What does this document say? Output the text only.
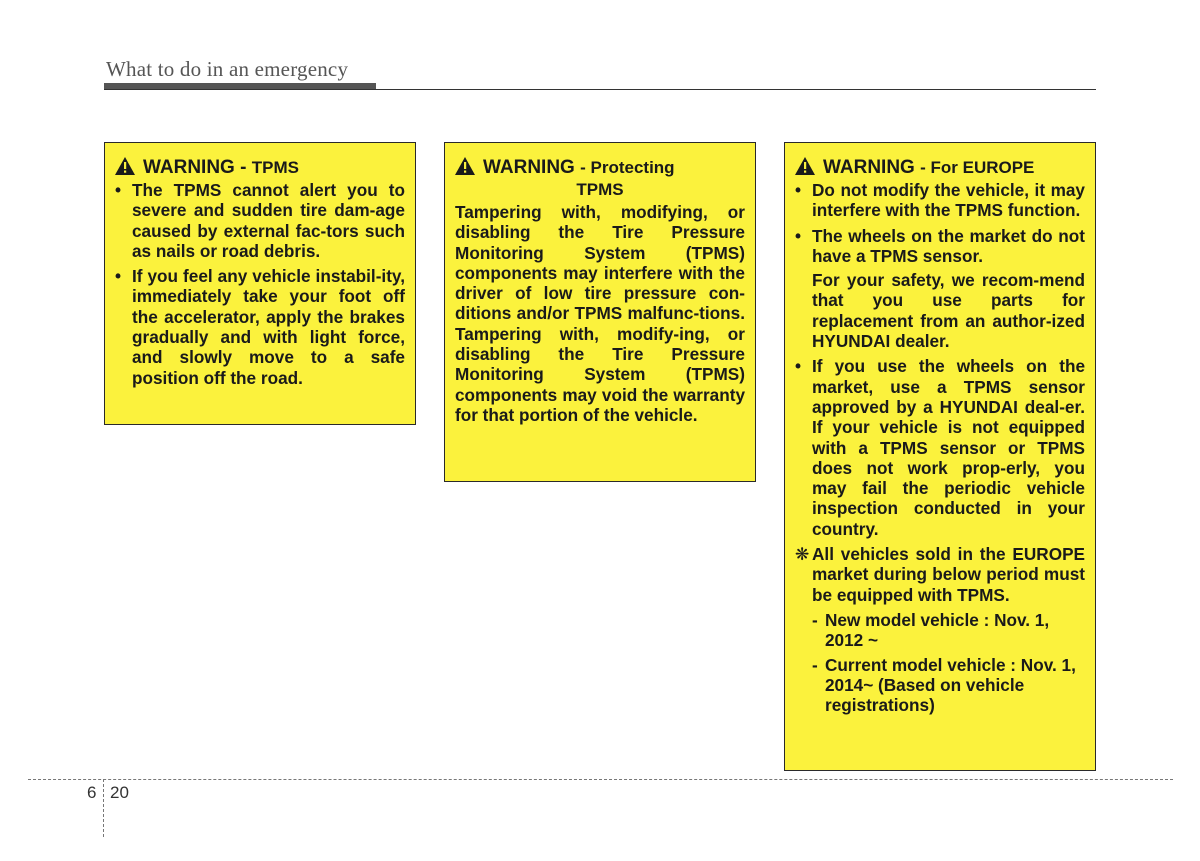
What to do in an emergency
WARNING - TPMS
• The TPMS cannot alert you to severe and sudden tire dam-age caused by external fac-tors such as nails or road debris.
• If you feel any vehicle instabil-ity, immediately take your foot off the accelerator, apply the brakes gradually and with light force, and slowly move to a safe position off the road.
WARNING - Protecting
TPMS
Tampering with, modifying, or disabling the Tire Pressure Monitoring System (TPMS) components may interfere with the driver of low tire pressure con-ditions and/or TPMS malfunc-tions. Tampering with, modify-ing, or disabling the Tire Pressure Monitoring System (TPMS) components may void the warranty for that portion of the vehicle.
WARNING - For EUROPE
• Do not modify the vehicle, it may interfere with the TPMS function.
• The wheels on the market do not have a TPMS sensor.
For your safety, we recom-mend that you use parts for replacement from an author-ized HYUNDAI dealer.
• If you use the wheels on the market, use a TPMS sensor approved by a HYUNDAI deal-er. If your vehicle is not equipped with a TPMS sensor or TPMS does not work prop-erly, you may fail the periodic vehicle inspection conducted in your country.
❋ All vehicles sold in the EUROPE market during below period must be equipped with TPMS.
- New model vehicle : Nov. 1, 2012 ~
- Current model vehicle : Nov. 1, 2014~ (Based on vehicle registrations)
6 20
